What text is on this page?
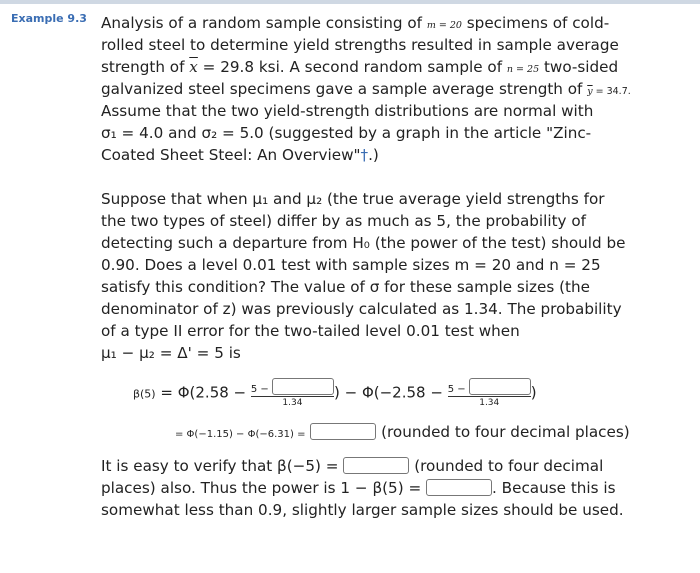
Example 9.3 Analysis of a random sample consisting of m = 20 specimens of cold-
rolled steel to determine yield strengths resulted in sample average
strength of $\overline{x} = 29.8$ ksi. A second random sample of n = 25 two-sided
galvanized steel specimens gave a sample average strength of $\overline{y} = 34.7$.
Assume that the two yield-strength distributions are normal with
σ₁ = 4.0 and σ₂ = 5.0 (suggested by a graph in the article "Zinc-
Coated Sheet Steel: An Overview"†.)
Suppose that when μ₁ and μ₂ (the true average yield strengths for
the two types of steel) differ by as much as 5, the probability of
detecting such a departure from H₀ (the power of the test) should be
0.90. Does a level 0.01 test with sample sizes m = 20 and n = 25
satisfy this condition? The value of σ for these sample sizes (the
denominator of z) was previously calculated as 1.34. The probability
of a type II error for the two-tailed level 0.01 test when
μ₁ − μ₂ = Δ' = 5 is
$\beta(5) = \Phi(2.58 - \frac{5 -}{1.34}$ ) − $\Phi(-2.58 - \frac{5 -}{1.34}$ )
= Φ(−1.15) − Φ(−6.31) =	(rounded to four decimal places)
It is easy to verify that β(−5) =	(rounded to four decimal
places) also. Thus the power is 1 − β(5) =	. Because this is
somewhat less than 0.9, slightly larger sample sizes should be used.
